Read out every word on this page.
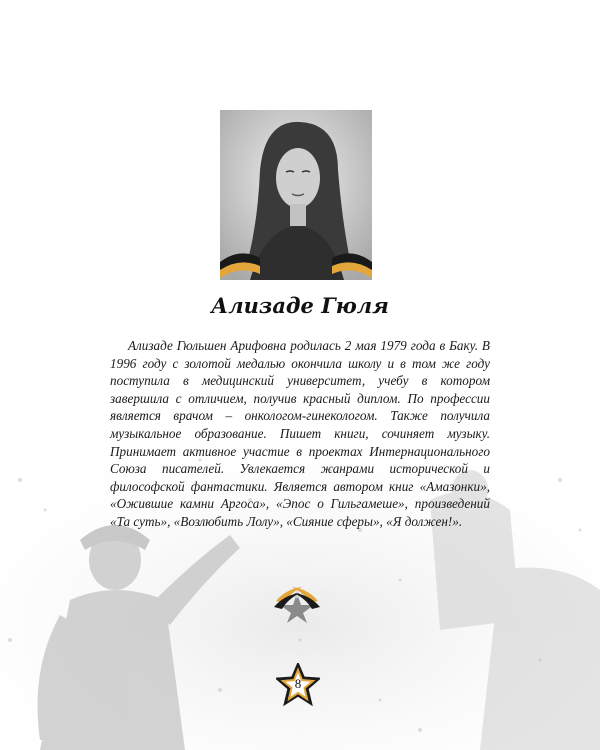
Ализаде Гюля

Ализаде Гюльшен Арифовна родилась 2 мая 1979 года в Баку. В 1996 году с золотой медалью окончила школу и в том же году поступила в медицинский университет, учебу в котором завершила с отличием, получив красный диплом. По профессии является врачом – онкологом-гинекологом. Также получила музыкальное образование. Пишет книги, сочиняет музыку. Принимает активное участие в проектах Интернационального Союза писателей. Увлекается жанрами исторической и философской фантастики. Является автором книг «Амазонки», «Ожившие камни Аргоса», «Эпос о Гильгамеше», произведений «Та суть», «Возлюбить Лолу», «Сияние сферы», «Я должен!».

8
